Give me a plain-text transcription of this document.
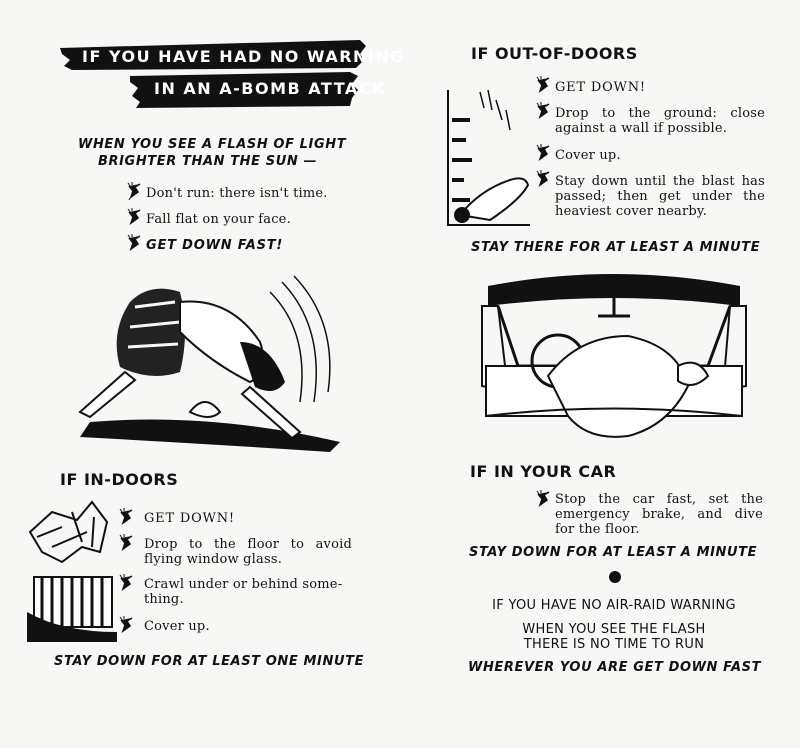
IF YOU HAVE HAD NO WARNING
IN AN A-BOMB ATTACK
WHEN YOU SEE A FLASH OF LIGHT
BRIGHTER THAN THE SUN —
Don't run: there isn't time.
Fall flat on your face.
GET DOWN FAST!
IF IN-DOORS
GET DOWN!
Drop to the floor to avoid flying window glass.
Crawl under or behind some-thing.
Cover up.
STAY DOWN FOR AT LEAST ONE MINUTE
IF OUT-OF-DOORS
GET DOWN!
Drop to the ground: close against a wall if possible.
Cover up.
Stay down until the blast has passed; then get under the heaviest cover nearby.
STAY THERE FOR AT LEAST A MINUTE
IF IN YOUR CAR
Stop the car fast, set the emergency brake, and dive for the floor.
STAY DOWN FOR AT LEAST A MINUTE
IF YOU HAVE NO AIR-RAID WARNING
WHEN YOU SEE THE FLASH
THERE IS NO TIME TO RUN
WHEREVER YOU ARE GET DOWN FAST
